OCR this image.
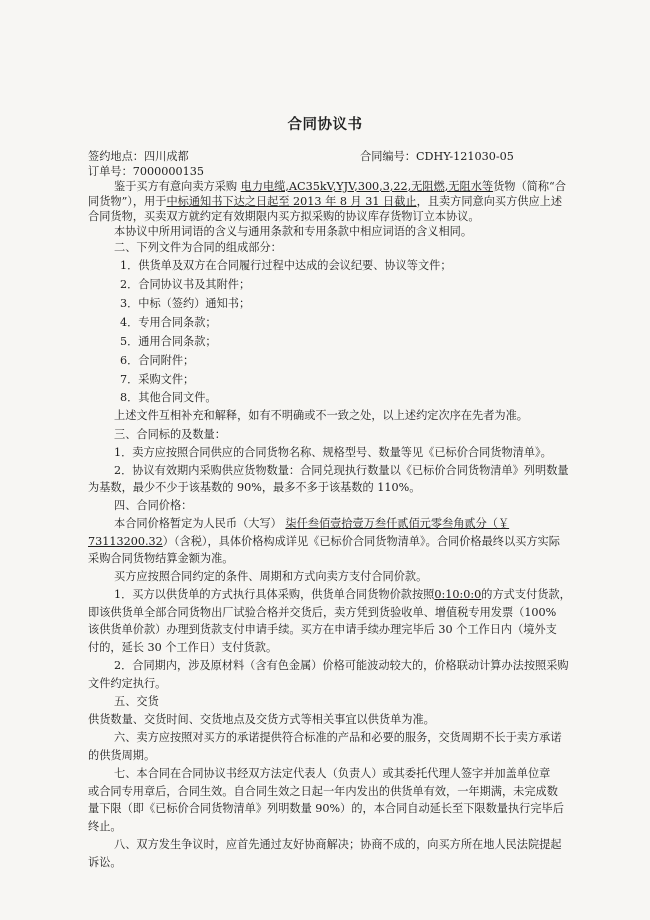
合同协议书
签约地点：四川成都	合同编号：CDHY-121030-05
订单号：7000000135
鉴于买方有意向卖方采购 电力电缆,AC35kV,YJV,300,3,22,无阻燃,无阻水等货物（简称“合
同货物”），用于中标通知书下达之日起至 2013 年 8 月 31 日截止，且卖方同意向买方供应上述
合同货物，买卖双方就约定有效期限内买方拟采购的协议库存货物订立本协议。
本协议中所用词语的含义与通用条款和专用条款中相应词语的含义相同。
二、下列文件为合同的组成部分：
1．供货单及双方在合同履行过程中达成的会议纪要、协议等文件；
2．合同协议书及其附件；
3．中标（签约）通知书；
4．专用合同条款；
5．通用合同条款；
6．合同附件；
7．采购文件；
8．其他合同文件。
上述文件互相补充和解释，如有不明确或不一致之处，以上述约定次序在先者为准。
三、合同标的及数量：
1．卖方应按照合同供应的合同货物名称、规格型号、数量等见《已标价合同货物清单》。
2．协议有效期内采购供应货物数量：合同兑现执行数量以《已标价合同货物清单》列明数量
为基数，最少不少于该基数的 90%，最多不多于该基数的 110%。
四、合同价格：
本合同价格暂定为人民币（大写） 柒仟叁佰壹拾壹万叁仟贰佰元零叁角贰分（￥
73113200.32）（含税），具体价格构成详见《已标价合同货物清单》。合同价格最终以买方实际
采购合同货物结算金额为准。
买方应按照合同约定的条件、周期和方式向卖方支付合同价款。
1．买方以供货单的方式执行具体采购，供货单合同货物价款按照0:10:0:0的方式支付货款，
即该供货单全部合同货物出厂试验合格并交货后，卖方凭到货验收单、增值税专用发票（100%
该供货单价款）办理到货款支付申请手续。买方在申请手续办理完毕后 30 个工作日内（境外支
付的，延长 30 个工作日）支付货款。
2．合同期内，涉及原材料（含有色金属）价格可能波动较大的，价格联动计算办法按照采购
文件约定执行。
五、交货
供货数量、交货时间、交货地点及交货方式等相关事宜以供货单为准。
六、卖方应按照对买方的承诺提供符合标准的产品和必要的服务，交货周期不长于卖方承诺
的供货周期。
七、本合同在合同协议书经双方法定代表人（负责人）或其委托代理人签字并加盖单位章
或合同专用章后，合同生效。自合同生效之日起一年内发出的供货单有效，一年期满，未完成数
量下限（即《已标价合同货物清单》列明数量 90%）的，本合同自动延长至下限数量执行完毕后
终止。
八、双方发生争议时，应首先通过友好协商解决；协商不成的，向买方所在地人民法院提起
诉讼。
